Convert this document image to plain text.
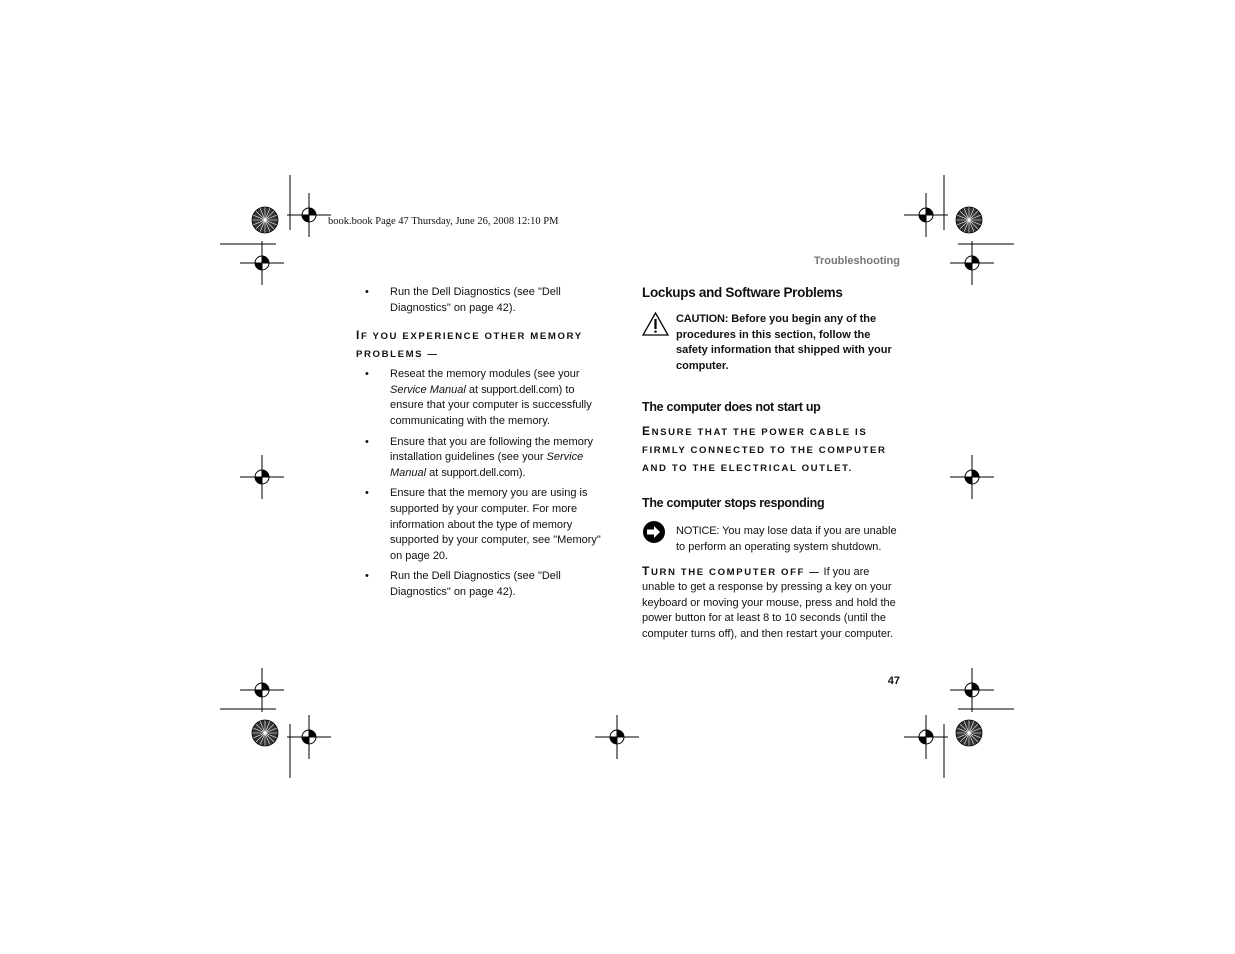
book.book Page 47 Thursday, June 26, 2008 12:10 PM
Troubleshooting
47
• Run the Dell Diagnostics (see "Dell Diagnostics" on page 42).
IF YOU EXPERIENCE OTHER MEMORY
PROBLEMS —
• Reseat the memory modules (see your Service Manual at support.dell.com) to ensure that your computer is successfully communicating with the memory.
• Ensure that you are following the memory installation guidelines (see your Service Manual at support.dell.com).
• Ensure that the memory you are using is supported by your computer. For more information about the type of memory supported by your computer, see "Memory" on page 20.
• Run the Dell Diagnostics (see "Dell Diagnostics" on page 42).
Lockups and Software Problems
CAUTION: Before you begin any of the procedures in this section, follow the safety information that shipped with your computer.
The computer does not start up
ENSURE THAT THE POWER CABLE IS
FIRMLY CONNECTED TO THE COMPUTER
AND TO THE ELECTRICAL OUTLET.
The computer stops responding
NOTICE: You may lose data if you are unable to perform an operating system shutdown.
TURN THE COMPUTER OFF — If you are unable to get a response by pressing a key on your keyboard or moving your mouse, press and hold the power button for at least 8 to 10 seconds (until the computer turns off), and then restart your computer.
